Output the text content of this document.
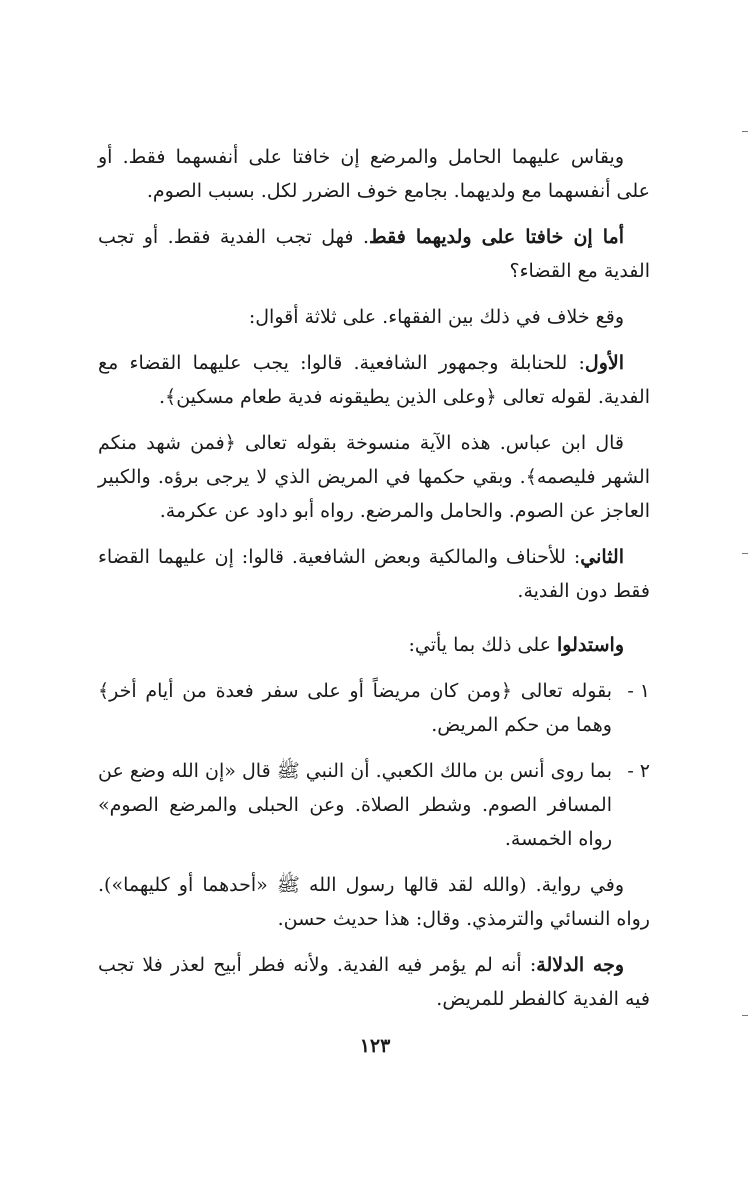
ويقاس عليهما الحامل والمرضع إن خافتا على أنفسهما فقط. أو على أنفسهما مع ولديهما. بجامع خوف الضرر لكل. بسبب الصوم.

أما إن خافتا على ولديهما فقط. فهل تجب الفدية فقط. أو تجب الفدية مع القضاء؟

وقع خلاف في ذلك بين الفقهاء. على ثلاثة أقوال:

الأول: للحنابلة وجمهور الشافعية. قالوا: يجب عليهما القضاء مع الفدية. لقوله تعالى ﴿وعلى الذين يطيقونه فدية طعام مسكين﴾.

قال ابن عباس. هذه الآية منسوخة بقوله تعالى ﴿فمن شهد منكم الشهر فليصمه﴾. وبقي حكمها في المريض الذي لا يرجى برؤه. والكبير العاجز عن الصوم. والحامل والمرضع. رواه أبو داود عن عكرمة.

الثاني: للأحناف والمالكية وبعض الشافعية. قالوا: إن عليهما القضاء فقط دون الفدية.

واستدلوا على ذلك بما يأتي:

١ -
بقوله تعالى ﴿ومن كان مريضاً أو على سفر فعدة من أيام أخر﴾ وهما من حكم المريض.
٢ -
بما روى أنس بن مالك الكعبي. أن النبي ﷺ قال «إن الله وضع عن المسافر الصوم. وشطر الصلاة. وعن الحبلى والمرضع الصوم» رواه الخمسة.

وفي رواية. (والله لقد قالها رسول الله ﷺ «أحدهما أو كليهما»). رواه النسائي والترمذي. وقال: هذا حديث حسن.

وجه الدلالة: أنه لم يؤمر فيه الفدية. ولأنه فطر أبيح لعذر فلا تجب فيه الفدية كالفطر للمريض.

١٢٣
